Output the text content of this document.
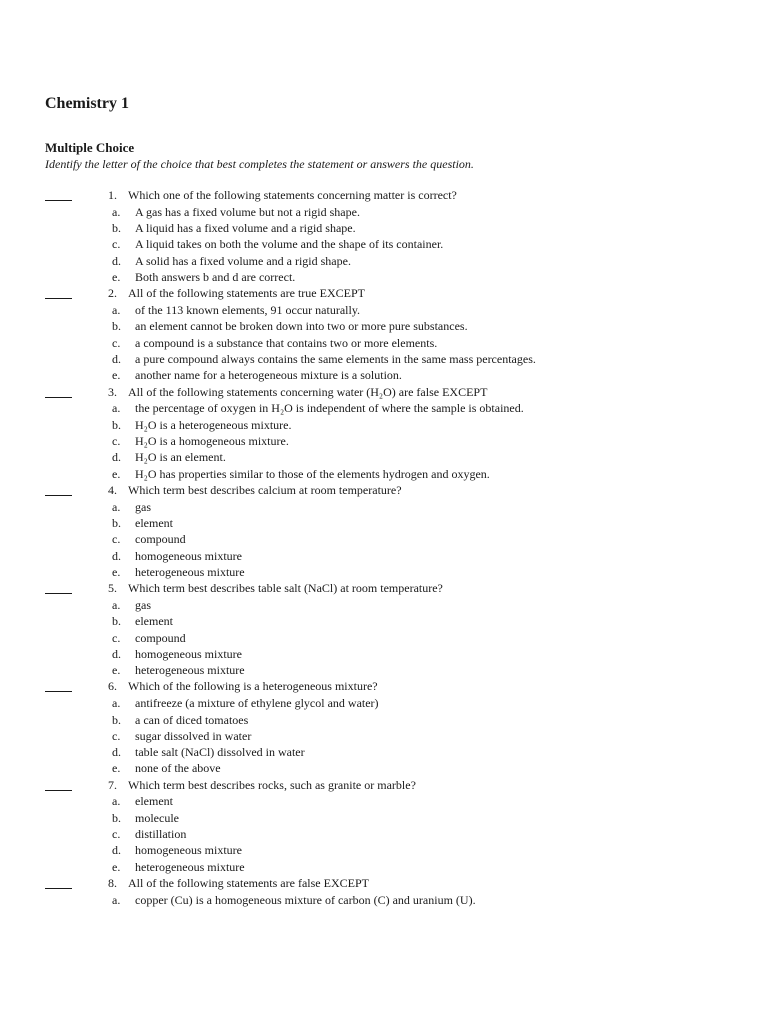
Chemistry 1
Multiple Choice
Identify the letter of the choice that best completes the statement or answers the question.
1. Which one of the following statements concerning matter is correct?
a.	A gas has a fixed volume but not a rigid shape.
b.	A liquid has a fixed volume and a rigid shape.
c.	A liquid takes on both the volume and the shape of its container.
d.	A solid has a fixed volume and a rigid shape.
e.	Both answers b and d are correct.
2. All of the following statements are true EXCEPT
a.	of the 113 known elements, 91 occur naturally.
b.	an element cannot be broken down into two or more pure substances.
c.	a compound is a substance that contains two or more elements.
d.	a pure compound always contains the same elements in the same mass percentages.
e.	another name for a heterogeneous mixture is a solution.
3. All of the following statements concerning water (H₂O) are false EXCEPT
a.	the percentage of oxygen in H₂O is independent of where the sample is obtained.
b.	H₂O is a heterogeneous mixture.
c.	H₂O is a homogeneous mixture.
d.	H₂O is an element.
e.	H₂O has properties similar to those of the elements hydrogen and oxygen.
4. Which term best describes calcium at room temperature?
a.	gas
b.	element
c.	compound
d.	homogeneous mixture
e.	heterogeneous mixture
5. Which term best describes table salt (NaCl) at room temperature?
a.	gas
b.	element
c.	compound
d.	homogeneous mixture
e.	heterogeneous mixture
6. Which of the following is a heterogeneous mixture?
a.	antifreeze (a mixture of ethylene glycol and water)
b.	a can of diced tomatoes
c.	sugar dissolved in water
d.	table salt (NaCl) dissolved in water
e.	none of the above
7. Which term best describes rocks, such as granite or marble?
a.	element
b.	molecule
c.	distillation
d.	homogeneous mixture
e.	heterogeneous mixture
8. All of the following statements are false EXCEPT
a.	copper (Cu) is a homogeneous mixture of carbon (C) and uranium (U).
